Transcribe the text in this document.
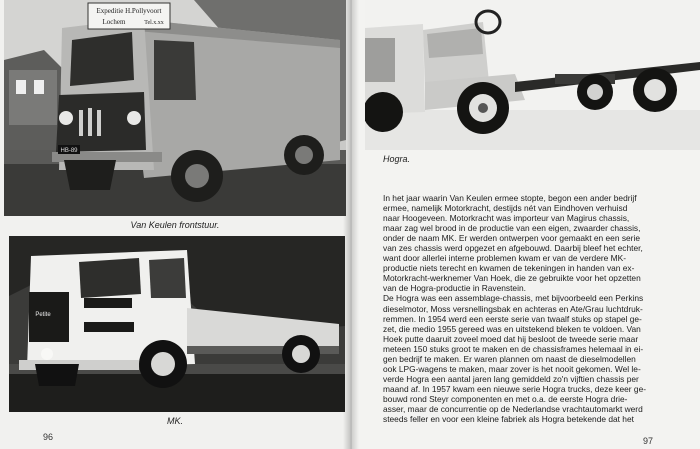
Expeditie H.Pollyvoort
Lochem	Tel.x.xx
HB-89
Van Keulen frontstuur.
Petite
MK.
96
Hogra.
In het jaar waarin Van Keulen ermee stopte, begon een ander bedrijf
ermee, namelijk Motorkracht, destijds nét van Eindhoven verhuisd
naar Hoogeveen. Motorkracht was importeur van Magirus chassis,
maar zag wel brood in de productie van een eigen, zwaarder chassis,
onder de naam MK. Er werden ontwerpen voor gemaakt en een serie
van zes chassis werd opgezet en afgebouwd. Daarbij bleef het echter,
want door allerlei interne problemen kwam er van de verdere MK-
productie niets terecht en kwamen de tekeningen in handen van ex-
Motorkracht-werknemer Van Hoek, die ze gebruikte voor het opzetten
van de Hogra-productie in Ravenstein.
De Hogra was een assemblage-chassis, met bijvoorbeeld een Perkins
dieselmotor, Moss versnellingsbak en achteras en Ate/Grau luchtdruk-
remmen. In 1954 werd een eerste serie van twaalf stuks op stapel ge-
zet, die medio 1955 gereed was en uitstekend bleken te voldoen. Van
Hoek putte daaruit zoveel moed dat hij besloot de tweede serie maar
meteen 150 stuks groot te maken en de chassisframes helemaal in ei-
gen bedrijf te maken. Er waren plannen om naast de dieselmodellen
ook LPG-wagens te maken, maar zover is het nooit gekomen. Wel le-
verde Hogra een aantal jaren lang gemiddeld zo'n vijftien chassis per
maand af. In 1957 kwam een nieuwe serie Hogra trucks, deze keer ge-
bouwd rond Steyr componenten en met o.a. de eerste Hogra drie-
asser, maar de concurrentie op de Nederlandse vrachtautomarkt werd
steeds feller en voor een kleine fabriek als Hogra betekende dat het
97
